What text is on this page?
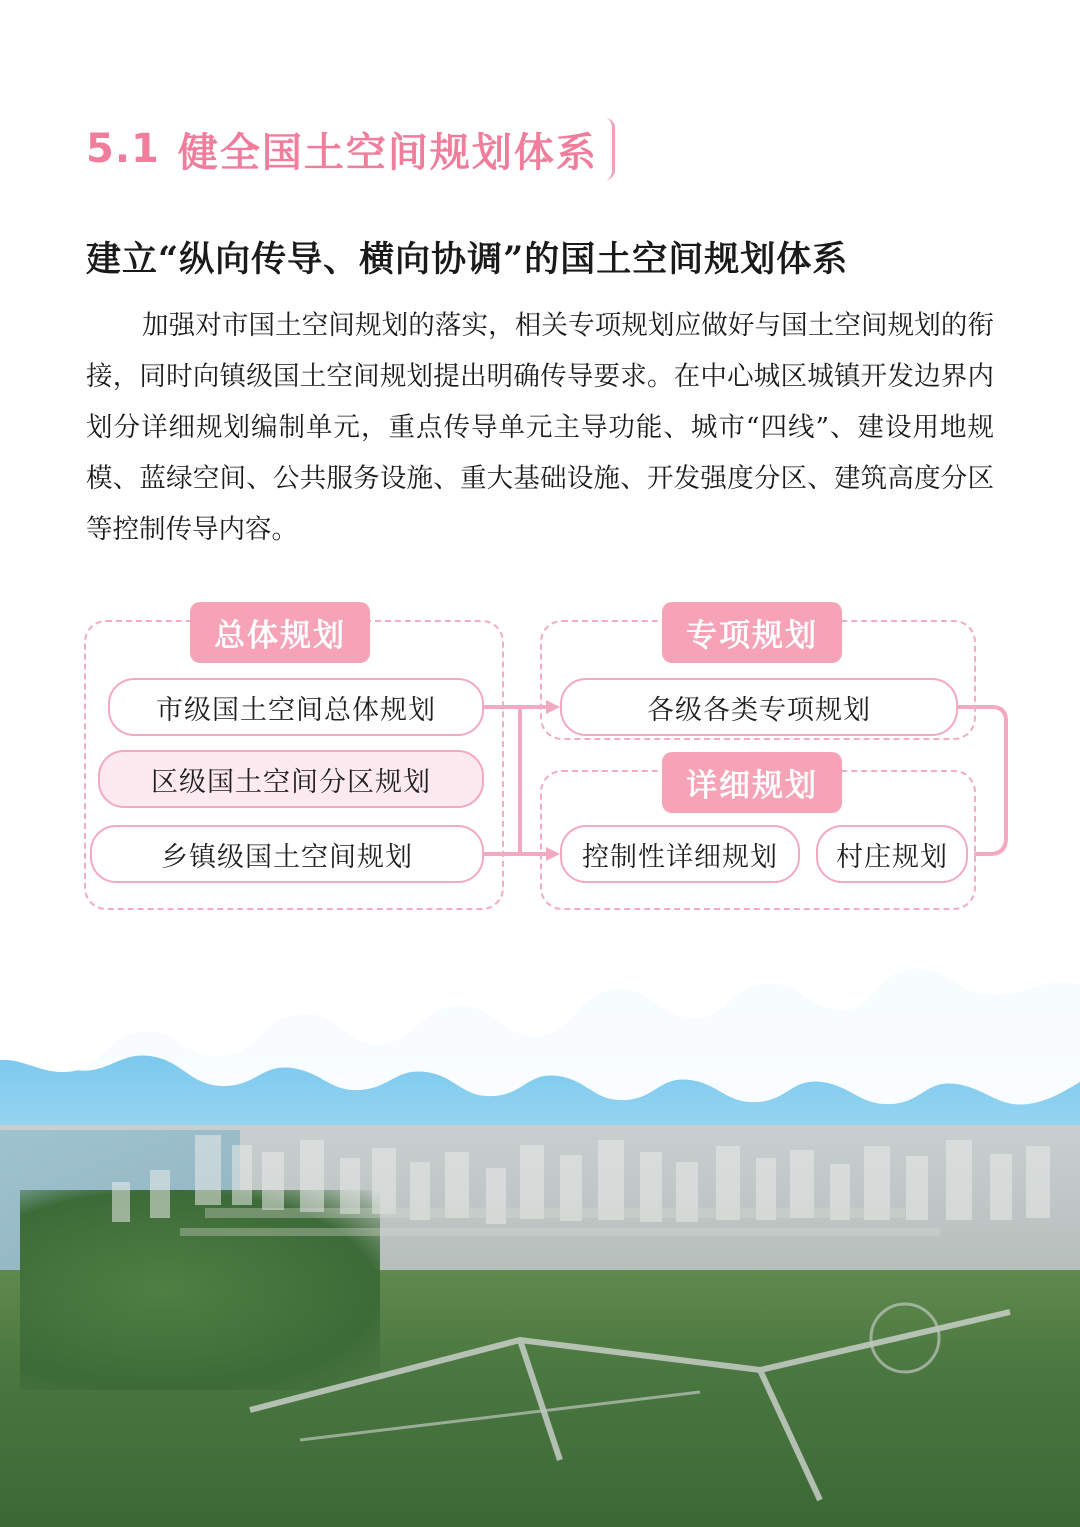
5.1 健全国土空间规划体系
建立“纵向传导、横向协调”的国土空间规划体系
加强对市国土空间规划的落实，相关专项规划应做好与国土空间规划的衔接，同时向镇级国土空间规划提出明确传导要求。在中心城区城镇开发边界内划分详细规划编制单元，重点传导单元主导功能、城市“四线”、建设用地规模、蓝绿空间、公共服务设施、重大基础设施、开发强度分区、建筑高度分区等控制传导内容。
总体规划	专项规划
详细规划
市级国土空间总体规划
区级国土空间分区规划
乡镇级国土空间规划
各级各类专项规划
控制性详细规划	村庄规划
